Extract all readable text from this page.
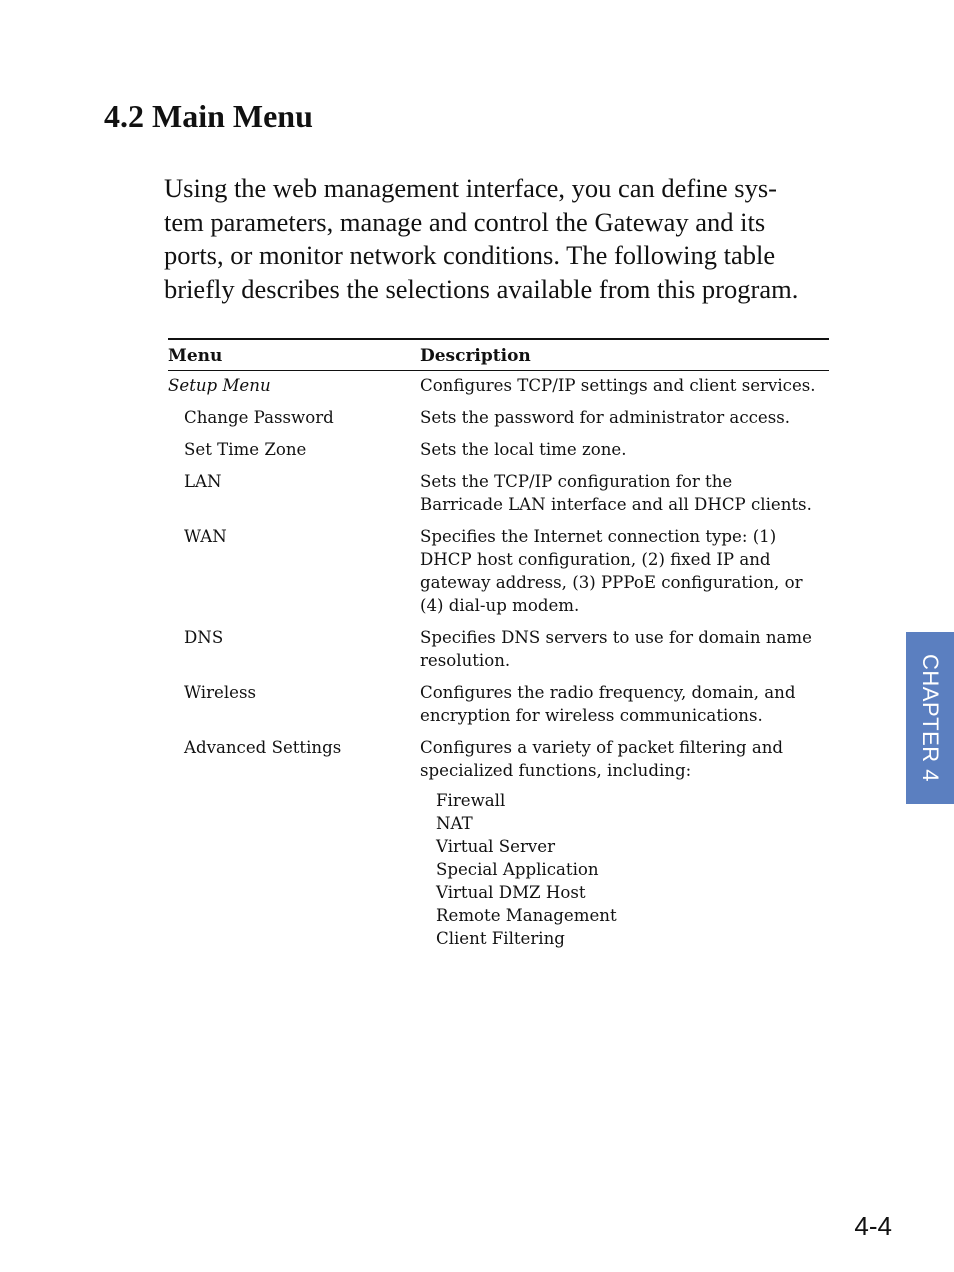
4.2 Main Menu

Using the web management interface, you can define sys-
tem parameters, manage and control the Gateway and its
ports, or monitor network conditions. The following table
briefly describes the selections available from this program.

Menu	Description
Setup Menu	Configures TCP/IP settings and client services.
Change Password	Sets the password for administrator access.
Set Time Zone	Sets the local time zone.
LAN	Sets the TCP/IP configuration for the
Barricade LAN interface and all DHCP clients.
WAN	Specifies the Internet connection type: (1)
DHCP host configuration, (2) fixed IP and
gateway address, (3) PPPoE configuration, or
(4) dial-up modem.
DNS	Specifies DNS servers to use for domain name
resolution.
Wireless	Configures the radio frequency, domain, and
encryption for wireless communications.
Advanced Settings	Configures a variety of packet filtering and
specialized functions, including:
Firewall
NAT
Virtual Server
Special Application
Virtual DMZ Host
Remote Management
Client Filtering
CHAPTER 4
4-4
